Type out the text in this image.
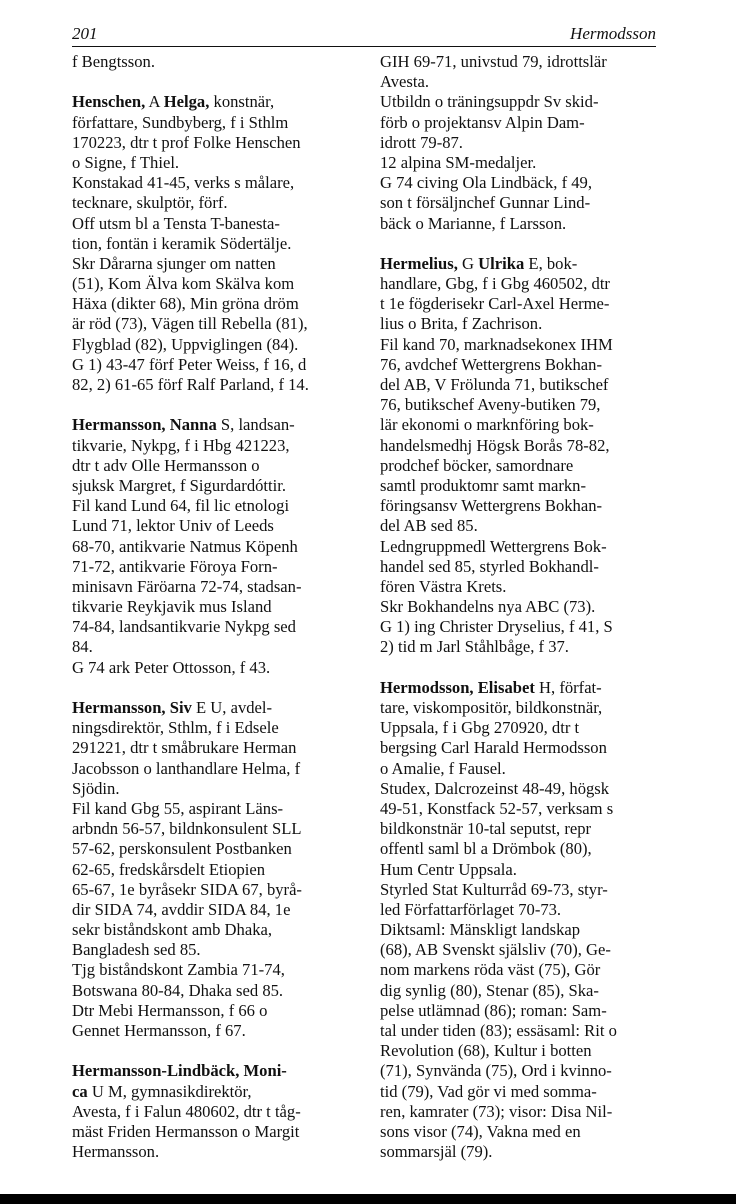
201	Hermodsson
f Bengtsson.
Henschen, A Helga, konstnär,
författare, Sundbyberg, f i Sthlm
170223, dtr t prof Folke Henschen
o Signe, f Thiel.
Konstakad 41-45, verks s målare,
tecknare, skulptör, förf.
Off utsm bl a Tensta T-banesta-
tion, fontän i keramik Södertälje.
Skr Dårarna sjunger om natten
(51), Kom Älva kom Skälva kom
Häxa (dikter 68), Min gröna dröm
är röd (73), Vägen till Rebella (81),
Flygblad (82), Uppviglingen (84).
G 1) 43-47 förf Peter Weiss, f 16, d
82, 2) 61-65 förf Ralf Parland, f 14.
Hermansson, Nanna S, landsan-
tikvarie, Nykpg, f i Hbg 421223,
dtr t adv Olle Hermansson o
sjuksk Margret, f Sigurdardóttir.
Fil kand Lund 64, fil lic etnologi
Lund 71, lektor Univ of Leeds
68-70, antikvarie Natmus Köpenh
71-72, antikvarie Föroya Forn-
minisavn Färöarna 72-74, stadsan-
tikvarie Reykjavik mus Island
74-84, landsantikvarie Nykpg sed
84.
G 74 ark Peter Ottosson, f 43.
Hermansson, Siv E U, avdel-
ningsdirektör, Sthlm, f i Edsele
291221, dtr t småbrukare Herman
Jacobsson o lanthandlare Helma, f
Sjödin.
Fil kand Gbg 55, aspirant Läns-
arbndn 56-57, bildnkonsulent SLL
57-62, perskonsulent Postbanken
62-65, fredskårsdelt Etiopien
65-67, 1e byråsekr SIDA 67, byrå-
dir SIDA 74, avddir SIDA 84, 1e
sekr biståndskont amb Dhaka,
Bangladesh sed 85.
Tjg biståndskont Zambia 71-74,
Botswana 80-84, Dhaka sed 85.
Dtr Mebi Hermansson, f 66 o
Gennet Hermansson, f 67.
Hermansson-Lindbäck, Moni-
ca U M, gymnasikdirektör,
Avesta, f i Falun 480602, dtr t tåg-
mäst Friden Hermansson o Margit
Hermansson.
GIH 69-71, univstud 79, idrottslär
Avesta.
Utbildn o träningsuppdr Sv skid-
förb o projektansv Alpin Dam-
idrott 79-87.
12 alpina SM-medaljer.
G 74 civing Ola Lindbäck, f 49,
son t försäljnchef Gunnar Lind-
bäck o Marianne, f Larsson.
Hermelius, G Ulrika E, bok-
handlare, Gbg, f i Gbg 460502, dtr
t 1e fögderisekr Carl-Axel Herme-
lius o Brita, f Zachrison.
Fil kand 70, marknadsekonex IHM
76, avdchef Wettergrens Bokhan-
del AB, V Frölunda 71, butikschef
76, butikschef Aveny-butiken 79,
lär ekonomi o marknföring bok-
handelsmedhj Högsk Borås 78-82,
prodchef böcker, samordnare
samtl produktomr samt markn-
föringsansv Wettergrens Bokhan-
del AB sed 85.
Ledngruppmedl Wettergrens Bok-
handel sed 85, styrled Bokhandl-
fören Västra Krets.
Skr Bokhandelns nya ABC (73).
G 1) ing Christer Dryselius, f 41, S
2) tid m Jarl Ståhlbåge, f 37.
Hermodsson, Elisabet H, förfat-
tare, viskompositör, bildkonstnär,
Uppsala, f i Gbg 270920, dtr t
bergsing Carl Harald Hermodsson
o Amalie, f Fausel.
Studex, Dalcrozeinst 48-49, högsk
49-51, Konstfack 52-57, verksam s
bildkonstnär 10-tal seputst, repr
offentl saml bl a Drömbok (80),
Hum Centr Uppsala.
Styrled Stat Kulturråd 69-73, styr-
led Författarförlaget 70-73.
Diktsaml: Mänskligt landskap
(68), AB Svenskt själsliv (70), Ge-
nom markens röda väst (75), Gör
dig synlig (80), Stenar (85), Ska-
pelse utlämnad (86); roman: Sam-
tal under tiden (83); essäsaml: Rit o
Revolution (68), Kultur i botten
(71), Synvända (75), Ord i kvinno-
tid (79), Vad gör vi med somma-
ren, kamrater (73); visor: Disa Nil-
sons visor (74), Vakna med en
sommarsjäl (79).
